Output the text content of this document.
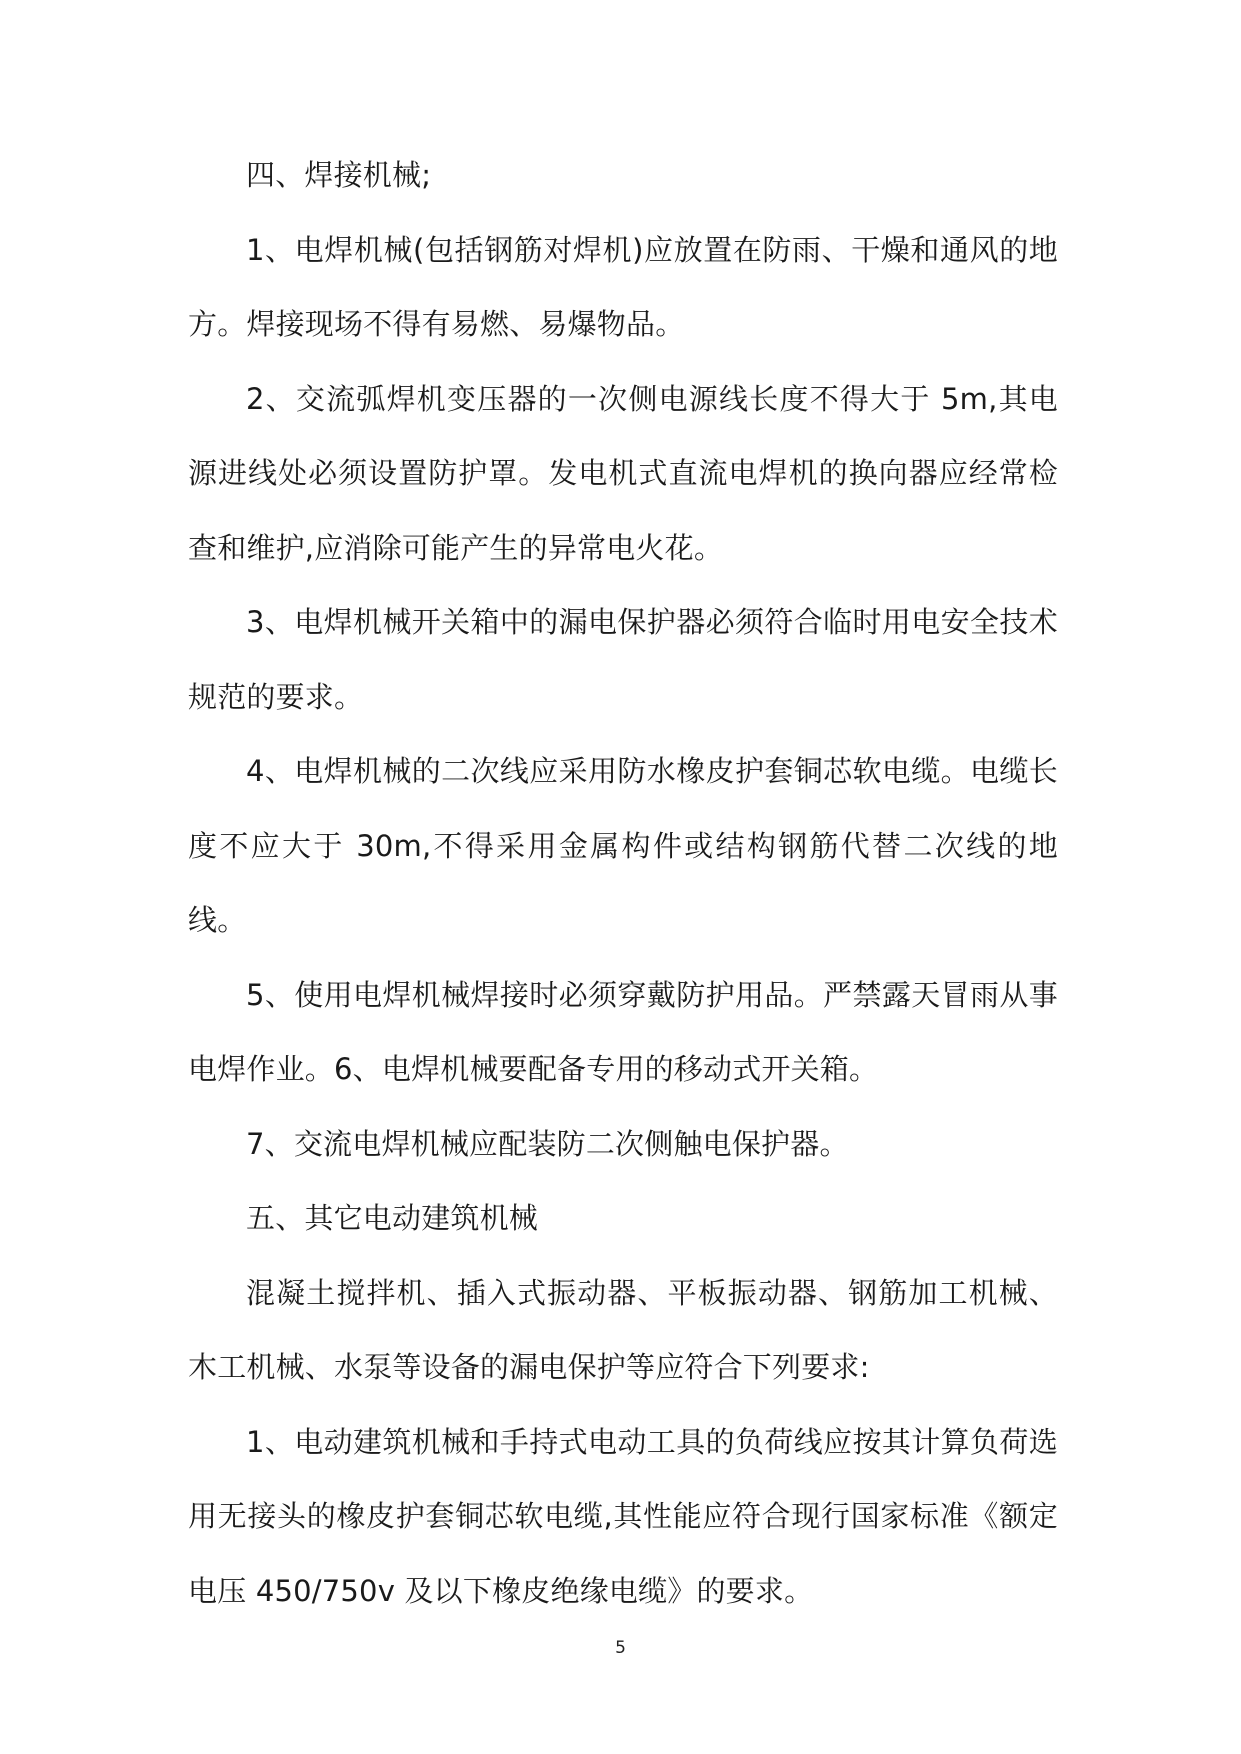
四、焊接机械;

1、电焊机械(包括钢筋对焊机)应放置在防雨、干燥和通风的地方。焊接现场不得有易燃、易爆物品。

2、交流弧焊机变压器的一次侧电源线长度不得大于 5m,其电源进线处必须设置防护罩。发电机式直流电焊机的换向器应经常检查和维护,应消除可能产生的异常电火花。

3、电焊机械开关箱中的漏电保护器必须符合临时用电安全技术规范的要求。

4、电焊机械的二次线应采用防水橡皮护套铜芯软电缆。电缆长度不应大于 30m,不得采用金属构件或结构钢筋代替二次线的地线。

5、使用电焊机械焊接时必须穿戴防护用品。严禁露天冒雨从事电焊作业。6、电焊机械要配备专用的移动式开关箱。

7、交流电焊机械应配装防二次侧触电保护器。

五、其它电动建筑机械

混凝土搅拌机、插入式振动器、平板振动器、钢筋加工机械、木工机械、水泵等设备的漏电保护等应符合下列要求:

1、电动建筑机械和手持式电动工具的负荷线应按其计算负荷选用无接头的橡皮护套铜芯软电缆,其性能应符合现行国家标准《额定电压 450/750v 及以下橡皮绝缘电缆》的要求。

5
